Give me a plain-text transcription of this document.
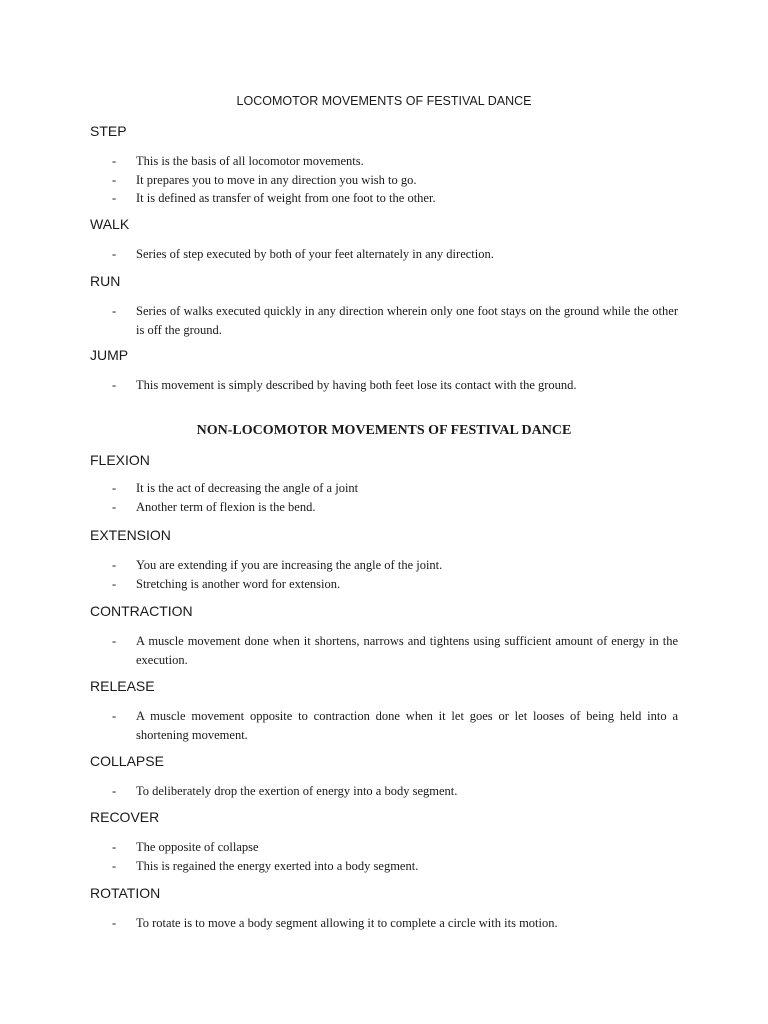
LOCOMOTOR MOVEMENTS OF FESTIVAL DANCE
STEP
- This is the basis of all locomotor movements.
- It prepares you to move in any direction you wish to go.
- It is defined as transfer of weight from one foot to the other.
WALK
- Series of step executed by both of your feet alternately in any direction.
RUN
- Series of walks executed quickly in any direction wherein only one foot stays on the ground while the other is off the ground.
JUMP
- This movement is simply described by having both feet lose its contact with the ground.
NON-LOCOMOTOR MOVEMENTS OF FESTIVAL DANCE
FLEXION
- It is the act of decreasing the angle of a joint
- Another term of flexion is the bend.
EXTENSION
- You are extending if you are increasing the angle of the joint.
- Stretching is another word for extension.
CONTRACTION
- A muscle movement done when it shortens, narrows and tightens using sufficient amount of energy in the execution.
RELEASE
- A muscle movement opposite to contraction done when it let goes or let looses of being held into a shortening movement.
COLLAPSE
- To deliberately drop the exertion of energy into a body segment.
RECOVER
- The opposite of collapse
- This is regained the energy exerted into a body segment.
ROTATION
- To rotate is to move a body segment allowing it to complete a circle with its motion.
